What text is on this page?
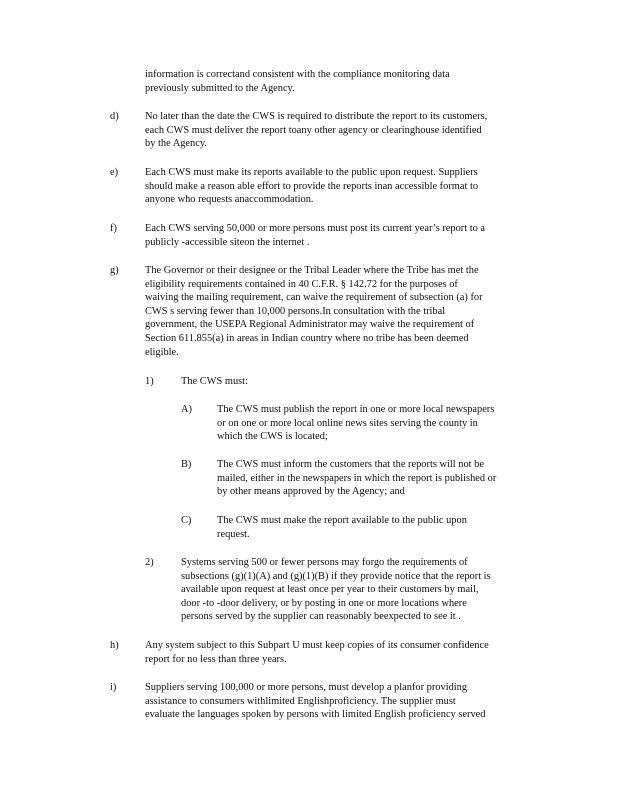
information is correctand consistent with the compliance monitoring data
previously submitted to the Agency.
d)	No later than the date the CWS is required to distribute the report to its customers,
each CWS must deliver the report toany other agency or clearinghouse identified
by the Agency.
e)	Each CWS must make its reports available to the public upon request. Suppliers
should make a reason able effort to provide the reports inan accessible format to
anyone who requests anaccommodation.
f)	Each CWS serving 50,000 or more persons must post its current year’s report to a
publicly -accessible siteon the internet .
g)	The Governor or their designee or the Tribal Leader where the Tribe has met the
eligibility requirements contained in 40 C.F.R. § 142.72 for the purposes of
waiving the mailing requirement, can waive the requirement of subsection (a) for
CWS s serving fewer than 10,000 persons.In consultation with the tribal
government, the USEPA Regional Administrator may waive the requirement of
Section 611.855(a) in areas in Indian country where no tribe has been deemed
eligible.
1)	The CWS must:
A) The CWS must publish the report in one or more local newspapers
or on one or more local online news sites serving the county in
which the CWS is located;
B) The CWS must inform the customers that the reports will not be
mailed, either in the newspapers in which the report is published or
by other means approved by the Agency; and
C) The CWS must make the report available to the public upon
request.
2)	Systems serving 500 or fewer persons may forgo the requirements of
subsections (g)(1)(A) and (g)(1)(B) if they provide notice that the report is
available upon request at least once per year to their customers by mail,
door -to -door delivery, or by posting in one or more locations where
persons served by the supplier can reasonably beexpected to see it .
h)	Any system subject to this Subpart U must keep copies of its consumer confidence
report for no less than three years.
i)	Suppliers serving 100,000 or more persons, must develop a planfor providing
assistance to consumers withlimited Englishproficiency. The supplier must
evaluate the languages spoken by persons with limited English proficiency served
